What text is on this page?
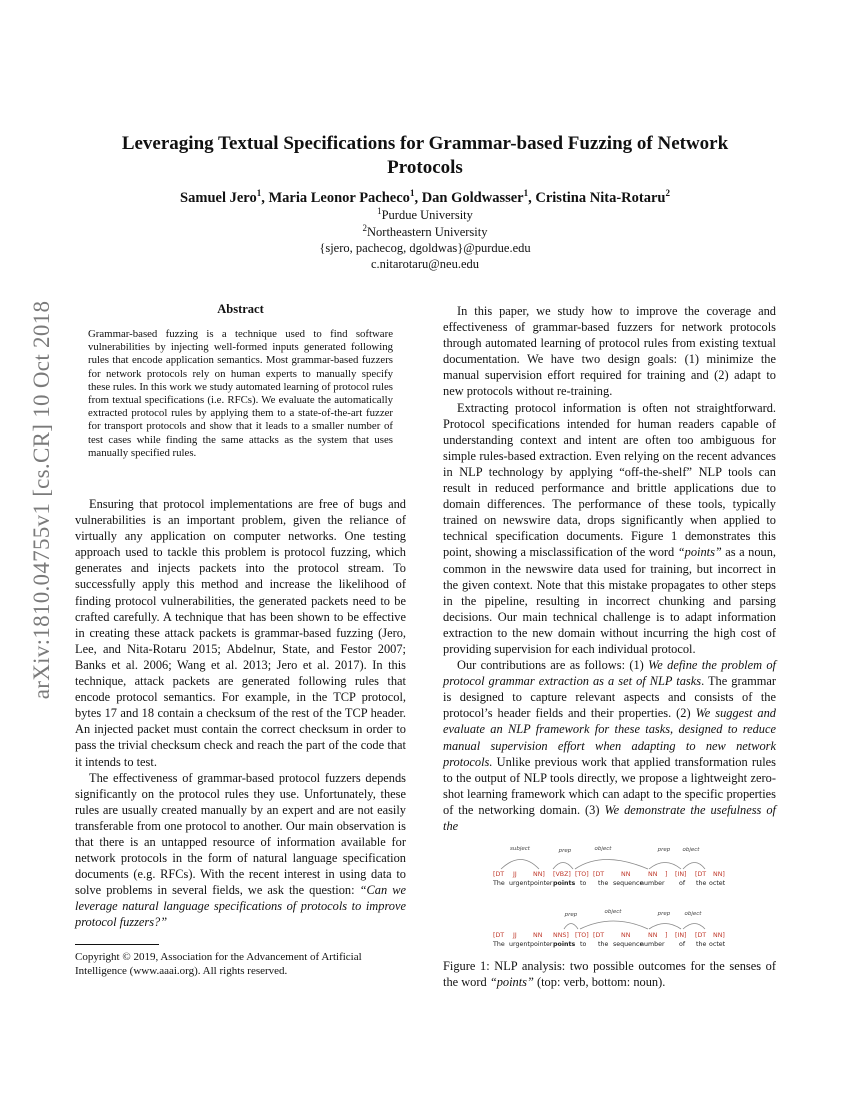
arXiv:1810.04755v1 [cs.CR] 10 Oct 2018
Leveraging Textual Specifications for Grammar-based Fuzzing of Network Protocols
Samuel Jero$^1$, Maria Leonor Pacheco$^1$, Dan Goldwasser$^1$, Cristina Nita-Rotaru$^2$
$^1$Purdue University
$^2$Northeastern University
{sjero, pachecog, dgoldwas}@purdue.edu
c.nitarotaru@neu.edu
Abstract
Grammar-based fuzzing is a technique used to find software vulnerabilities by injecting well-formed inputs generated following rules that encode application semantics. Most grammar-based fuzzers for network protocols rely on human experts to manually specify these rules. In this work we study automated learning of protocol rules from textual specifications (i.e. RFCs). We evaluate the automatically extracted protocol rules by applying them to a state-of-the-art fuzzer for transport protocols and show that it leads to a smaller number of test cases while finding the same attacks as the system that uses manually specified rules.

Ensuring that protocol implementations are free of bugs and vulnerabilities is an important problem, given the reliance of virtually any application on computer networks. One testing approach used to tackle this problem is protocol fuzzing, which generates and injects packets into the protocol stream. To successfully apply this method and increase the likelihood of finding protocol vulnerabilities, the generated packets need to be crafted carefully. A technique that has been shown to be effective in creating these attack packets is grammar-based fuzzing (Jero, Lee, and Nita-Rotaru 2015; Abdelnur, State, and Festor 2007; Banks et al. 2006; Wang et al. 2013; Jero et al. 2017). In this technique, attack packets are generated following rules that encode protocol semantics. For example, in the TCP protocol, bytes 17 and 18 contain a checksum of the rest of the TCP header. An injected packet must contain the correct checksum in order to pass the trivial checksum check and reach the part of the code that it intends to test.

The effectiveness of grammar-based protocol fuzzers depends significantly on the protocol rules they use. Unfortunately, these rules are usually created manually by an expert and are not easily transferable from one protocol to another. Our main observation is that there is an untapped resource of information available for network protocols in the form of natural language specification documents (e.g. RFCs). With the recent interest in using data to solve problems in several fields, we ask the question: “Can we leverage natural language specifications of protocols to improve protocol fuzzers?”

Copyright © 2019, Association for the Advancement of Artificial Intelligence (www.aaai.org). All rights reserved.

In this paper, we study how to improve the coverage and effectiveness of grammar-based fuzzers for network protocols through automated learning of protocol rules from existing textual documentation. We have two design goals: (1) minimize the manual supervision effort required for training and (2) adapt to new protocols without re-training.

Extracting protocol information is often not straightforward. Protocol specifications intended for human readers capable of understanding context and intent are often too ambiguous for simple rules-based extraction. Even relying on the recent advances in NLP technology by applying “off-the-shelf” NLP tools can result in reduced performance and brittle applications due to domain differences. The performance of these tools, typically trained on newswire data, drops significantly when applied to technical specification documents. Figure 1 demonstrates this point, showing a misclassification of the word “points” as a noun, common in the newswire data used for training, but incorrect in the given context. Note that this mistake propagates to other steps in the pipeline, resulting in incorrect chunking and parsing decisions. Our main technical challenge is to adapt information extraction to the new domain without incurring the high cost of providing supervision for each individual protocol.

Our contributions are as follows: (1) We define the problem of protocol grammar extraction as a set of NLP tasks. The grammar is designed to capture relevant aspects and consists of the protocol’s header fields and their properties. (2) We suggest and evaluate an NLP framework for these tasks, designed to reduce manual supervision effort when adapting to new network protocols. Unlike previous work that applied transformation rules to the output of NLP tools directly, we propose a lightweight zero-shot learning framework which can adapt to the specific properties of the networking domain. (3) We demonstrate the usefulness of the

subject	prep	object	prep object
[DT JJ	NN] [VBZ] [TO] [DT	NN	NN ] [IN] [DT NN]
The urgent pointer points to the sequence
number of the octet
prep	object	prep	object
[DT JJ	NN NNS] [TO] [DT	NN	NN ] [IN] [DT NN]
The urgent pointer points to the sequence
number of the octet
Figure 1: NLP analysis: two possible outcomes for the senses of the word “points” (top: verb, bottom: noun).
